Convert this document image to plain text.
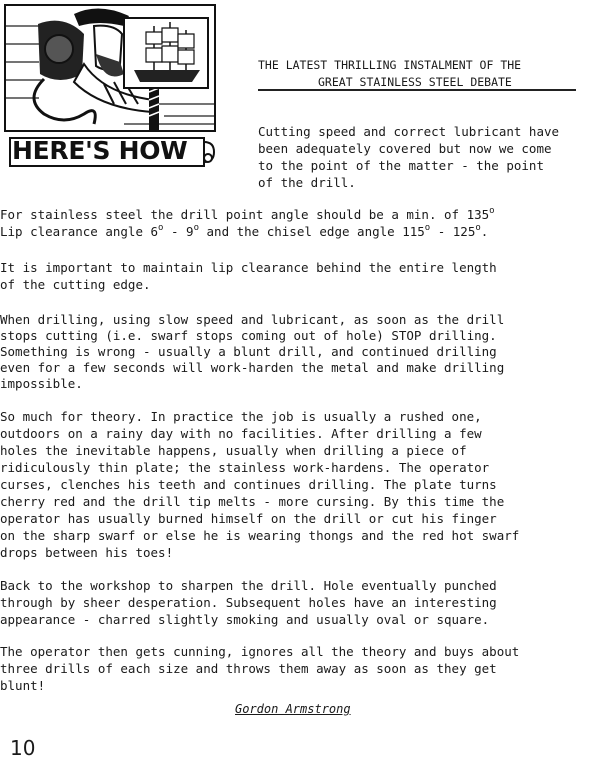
HERE'S HOW
THE LATEST THRILLING INSTALMENT OF THE
GREAT STAINLESS STEEL DEBATE
Cutting speed and correct lubricant have
been adequately covered but now we come
to the point of the matter - the point
of the drill.
For stainless steel the drill point angle should be a min. of 135$^o$
Lip clearance angle 6$^o$ - 9$^o$ and the chisel edge angle 115$^o$ - 125$^o$.
It is important to maintain lip clearance behind the entire length
of the cutting edge.
When drilling, using slow speed and lubricant, as soon as the drill
stops cutting (i.e. swarf stops coming out of hole) STOP drilling.
Something is wrong - usually a blunt drill, and continued drilling
even for a few seconds will work-harden the metal and make drilling
impossible.
So much for theory. In practice the job is usually a rushed one,
outdoors on a rainy day with no facilities. After drilling a few
holes the inevitable happens, usually when drilling a piece of
ridiculously thin plate; the stainless work-hardens. The operator
curses, clenches his teeth and continues drilling. The plate turns
cherry red and the drill tip melts - more cursing. By this time the
operator has usually burned himself on the drill or cut his finger
on the sharp swarf or else he is wearing thongs and the red hot swarf
drops between his toes!
Back to the workshop to sharpen the drill. Hole eventually punched
through by sheer desperation. Subsequent holes have an interesting
appearance - charred slightly smoking and usually oval or square.
The operator then gets cunning, ignores all the theory and buys about
three drills of each size and throws them away as soon as they get
blunt!
Gordon Armstrong
10
